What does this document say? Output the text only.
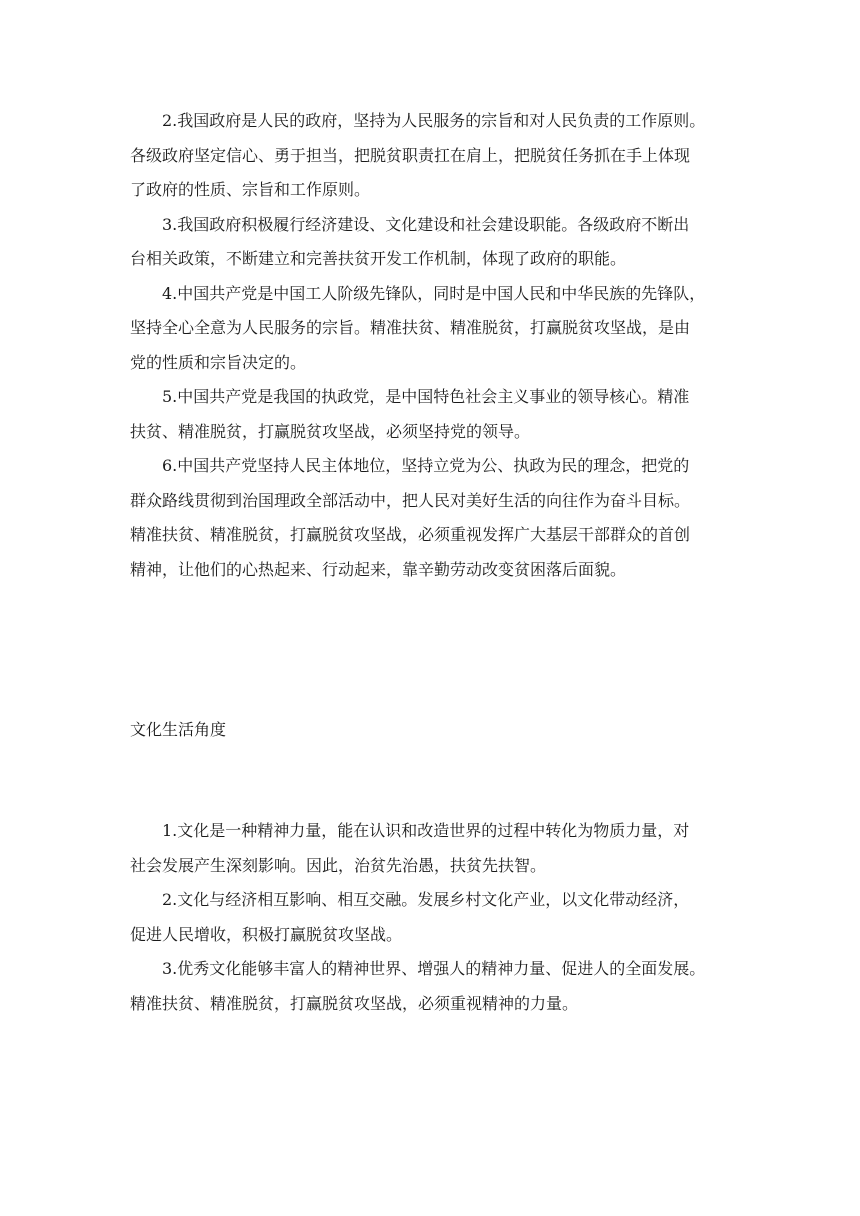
2.我国政府是人民的政府，坚持为人民服务的宗旨和对人民负责的工作原则。
各级政府坚定信心、勇于担当，把脱贫职责扛在肩上，把脱贫任务抓在手上体现
了政府的性质、宗旨和工作原则。
3.我国政府积极履行经济建设、文化建设和社会建设职能。各级政府不断出
台相关政策，不断建立和完善扶贫开发工作机制，体现了政府的职能。
4.中国共产党是中国工人阶级先锋队，同时是中国人民和中华民族的先锋队，
坚持全心全意为人民服务的宗旨。精准扶贫、精准脱贫，打赢脱贫攻坚战，是由
党的性质和宗旨决定的。
5.中国共产党是我国的执政党，是中国特色社会主义事业的领导核心。精准
扶贫、精准脱贫，打赢脱贫攻坚战，必须坚持党的领导。
6.中国共产党坚持人民主体地位，坚持立党为公、执政为民的理念，把党的
群众路线贯彻到治国理政全部活动中，把人民对美好生活的向往作为奋斗目标。
精准扶贫、精准脱贫，打赢脱贫攻坚战，必须重视发挥广大基层干部群众的首创
精神，让他们的心热起来、行动起来，靠辛勤劳动改变贫困落后面貌。
文化生活角度
1.文化是一种精神力量，能在认识和改造世界的过程中转化为物质力量，对
社会发展产生深刻影响。因此，治贫先治愚，扶贫先扶智。
2.文化与经济相互影响、相互交融。发展乡村文化产业，以文化带动经济，
促进人民增收，积极打赢脱贫攻坚战。
3.优秀文化能够丰富人的精神世界、增强人的精神力量、促进人的全面发展。
精准扶贫、精准脱贫，打赢脱贫攻坚战，必须重视精神的力量。
